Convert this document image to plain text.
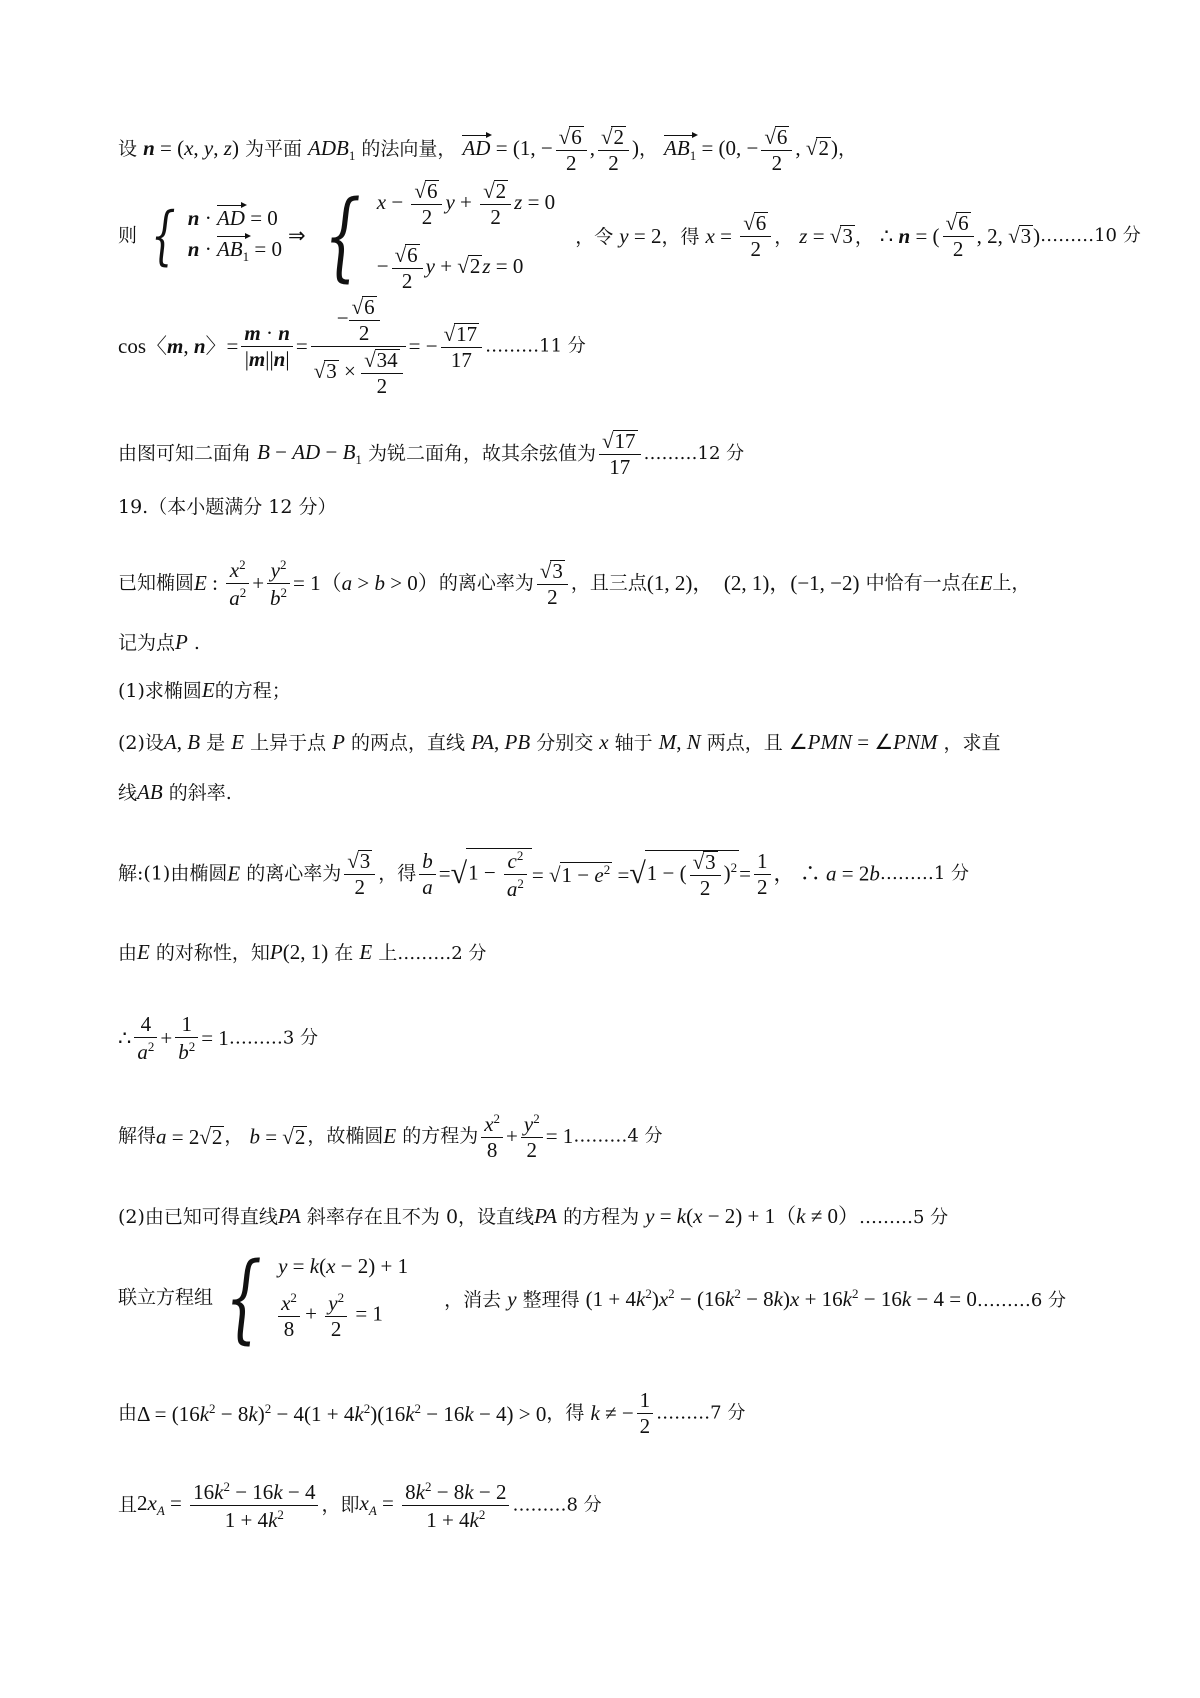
设 n = (x, y, z) 为平面 $ADB_1$ 的法向量， AD = (1, − $\frac{√6}{2}$ , $\frac{√2}{2}$ )， $AB_1 = (0$, − $\frac{√6}{2}$ , √2)，
则 { n · AD = 0
$n \cdot AB_1 = 0$
⇒ { $x - \frac{√6}{2}$ $y + \frac{√2}{2}$ z = 0
− $\frac{√6}{2}$ y + √2z = 0
，令 y = 2，得 $x = \frac{√6}{2}$ ， z = √3 ， ∴ n = ( $\frac{√6}{2}$ , 2, √3)………10 分
cos〈m, n〉= $\frac{m \cdot n}{|m||n|} = \frac{- \frac{√6}{2}}{√3 \times \frac{√34}{2}}$ = − $\frac{√17}{17}$ ………11 分
由图可知二面角 B − AD − $B_1$ 为锐二面角，故其余弦值为 $\frac{√17}{17}$ ………12 分
19.（本小题满分 12 分）
已知椭圆E : $\frac{x^2}{a^2} + \frac{y^2}{b^2} = 1(a > b > 0)$的离心率为 $\frac{√3}{2}$ ，且三点(1, 2)，  (2, 1)，(−1, −2) 中恰有一点在E上，
记为点P .
(1)求椭圆E的方程；
(2)设A, B 是 E 上异于点 P 的两点，直线 PA, PB 分别交 x 轴于 M, N 两点，且 ∠PMN = ∠PNM ，求直
线AB 的斜率.
解:(1)由椭圆E 的离心率为 $\frac{√3}{2}$ ，得 $\frac{b}{a} =√1 - \frac{c^2}{a^2} = √1 - e^2 =√1$ − ( $\frac{√3}{2} )^2= \frac{1}{2}$ ， ∴ a = 2b………1 分
由E 的对称性，知P(2, 1) 在 E 上………2 分
∴ $\frac{4}{a^2} + \frac{1}{b^2}$ = 1………3 分
解得a = 2√2 ， b = √2 ，故椭圆E 的方程为 $\frac{x^2}{8} + \frac{y^2}{2}$ = 1………4 分
(2)由已知可得直线PA 斜率存在且不为 0，设直线PA 的方程为 y = k(x − 2) + 1（k ≠ 0）………5 分
联立方程组 { y = k(x − 2) + 1
$\frac{x^2}{8} + \frac{y^2}{2} = 1$
，消去 y 整理得 $(1 + 4k^2)x^2 - (16k^2 - 8k)x + 16k^2 - 16k - 4$ = 0………6 分
由$\Delta = (16k^2 - 8k)^2 - 4(1 + 4k^2)(16k^2 - 16k - 4) > 0$，得 k ≠ − $\frac{1}{2}$ ………7 分
且$2x_A = \frac{16k^2 - 16k - 4}{1 + 4k^2}$ ，即$x_A = \frac{8k^2 - 8k - 2}{1 + 4k^2}$ ………8 分
